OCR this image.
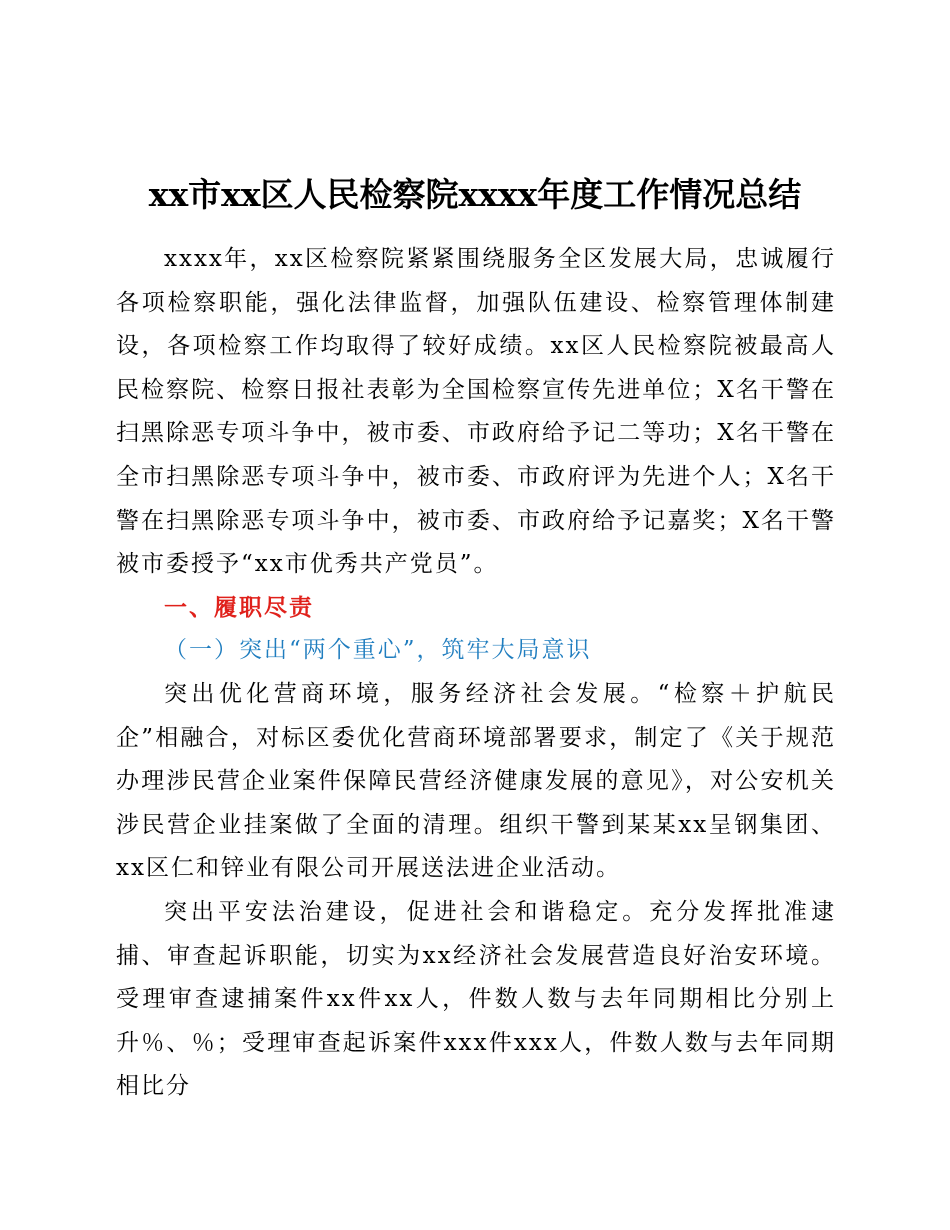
xx市xx区人民检察院xxxx年度工作情况总结

xxxx年，xx区检察院紧紧围绕服务全区发展大局，忠诚履行各项检察职能，强化法律监督，加强队伍建设、检察管理体制建设，各项检察工作均取得了较好成绩。xx区人民检察院被最高人民检察院、检察日报社表彰为全国检察宣传先进单位；X名干警在扫黑除恶专项斗争中，被市委、市政府给予记二等功；X名干警在全市扫黑除恶专项斗争中，被市委、市政府评为先进个人；X名干警在扫黑除恶专项斗争中，被市委、市政府给予记嘉奖；X名干警被市委授予“xx市优秀共产党员”。

一、履职尽责
（一）突出“两个重心”，筑牢大局意识

突出优化营商环境，服务经济社会发展。“检察＋护航民企”相融合，对标区委优化营商环境部署要求，制定了《关于规范办理涉民营企业案件保障民营经济健康发展的意见》，对公安机关涉民营企业挂案做了全面的清理。组织干警到某某xx呈钢集团、xx区仁和锌业有限公司开展送法进企业活动。

突出平安法治建设，促进社会和谐稳定。充分发挥批准逮捕、审查起诉职能，切实为xx经济社会发展营造良好治安环境。受理审查逮捕案件xx件xx人，件数人数与去年同期相比分别上升％、％；受理审查起诉案件xxx件xxx人，件数人数与去年同期相比分
